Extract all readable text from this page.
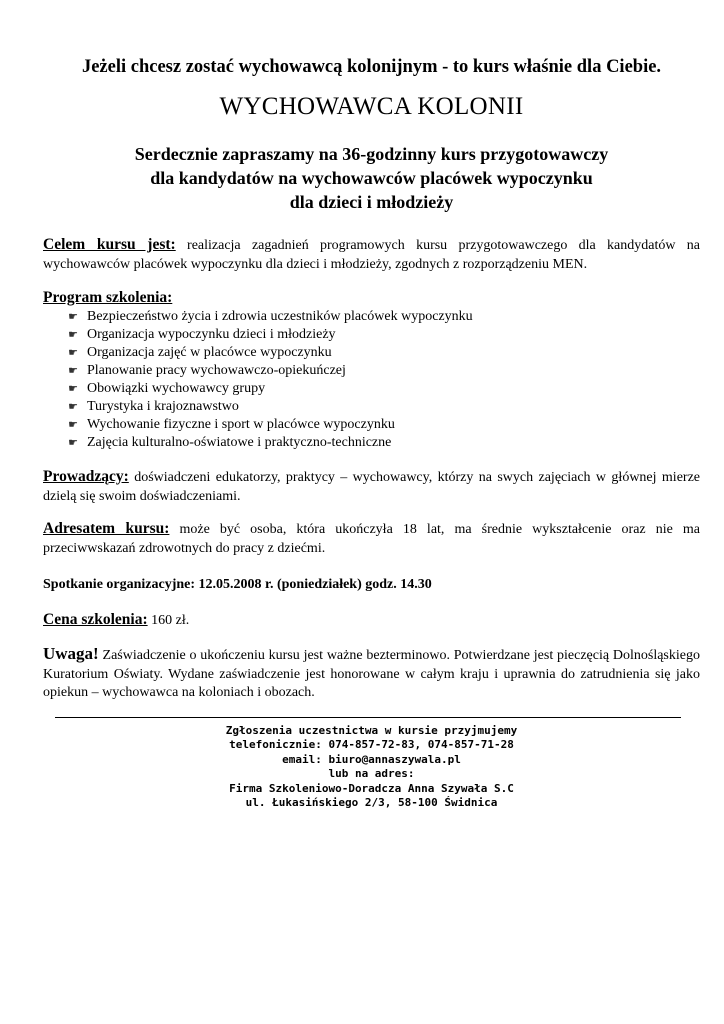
Jeżeli chcesz zostać wychowawcą kolonijnym - to kurs właśnie dla Ciebie.

WYCHOWAWCA KOLONII
Serdecznie zapraszamy na 36-godzinny kurs przygotowawczy
dla kandydatów na wychowawców placówek wypoczynku
dla dzieci i młodzieży

Celem kursu jest: realizacja zagadnień programowych kursu przygotowawczego dla kandydatów na wychowawców placówek wypoczynku dla dzieci i młodzieży, zgodnych z rozporządzeniu MEN.

Program szkolenia:

☚ Bezpieczeństwo życia i zdrowia uczestników placówek wypoczynku
☚ Organizacja wypoczynku dzieci i młodzieży
☚ Organizacja zajęć w placówce wypoczynku
☚ Planowanie pracy wychowawczo-opiekuńczej
☚ Obowiązki wychowawcy grupy
☚ Turystyka i krajoznawstwo
☚ Wychowanie fizyczne i sport w placówce wypoczynku
☚ Zajęcia kulturalno-oświatowe i praktyczno-techniczne

Prowadzący: doświadczeni edukatorzy, praktycy – wychowawcy, którzy na swych zajęciach w głównej mierze dzielą się swoim doświadczeniami.

Adresatem kursu: może być osoba, która ukończyła 18 lat, ma średnie wykształcenie oraz nie ma przeciwwskazań zdrowotnych do pracy z dziećmi.

Spotkanie organizacyjne: 12.05.2008 r. (poniedziałek) godz. 14.30

Cena szkolenia: 160 zł.

Uwaga! Zaświadczenie o ukończeniu kursu jest ważne bezterminowo. Potwierdzane jest pieczęcią Dolnośląskiego Kuratorium Oświaty. Wydane zaświadczenie jest honorowane w całym kraju i uprawnia do zatrudnienia się jako opiekun – wychowawca na koloniach i obozach.

Zgłoszenia uczestnictwa w kursie przyjmujemy
telefonicznie: 074-857-72-83, 074-857-71-28
email: biuro@annaszywala.pl
lub na adres:
Firma Szkoleniowo-Doradcza Anna Szywała S.C
ul. Łukasińskiego 2/3, 58-100 Świdnica
